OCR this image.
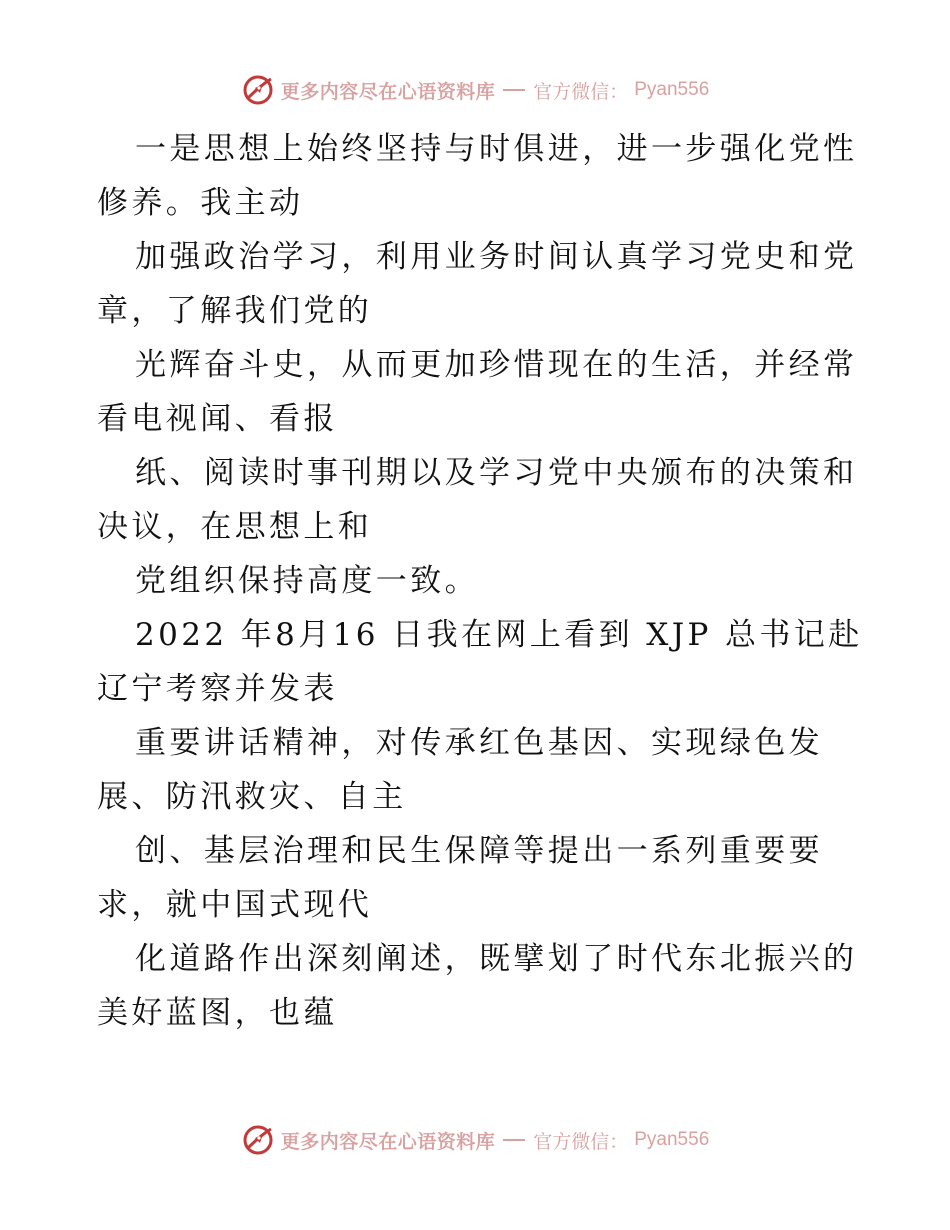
更多内容尽在心语资料库 官方微信： Pyan556
一是思想上始终坚持与时俱进，进一步强化党性
修养。我主动
加强政治学习，利用业务时间认真学习党史和党
章，了解我们党的
光辉奋斗史，从而更加珍惜现在的生活，并经常
看电视闻、看报
纸、阅读时事刊期以及学习党中央颁布的决策和
决议，在思想上和
党组织保持高度一致。
2022 年8月16 日我在网上看到 XJP 总书记赴
辽宁考察并发表
重要讲话精神，对传承红色基因、实现绿色发
展、防汛救灾、自主
创、基层治理和民生保障等提出一系列重要要
求，就中国式现代
化道路作出深刻阐述，既擘划了时代东北振兴的
美好蓝图，也蕴
更多内容尽在心语资料库 官方微信： Pyan556
